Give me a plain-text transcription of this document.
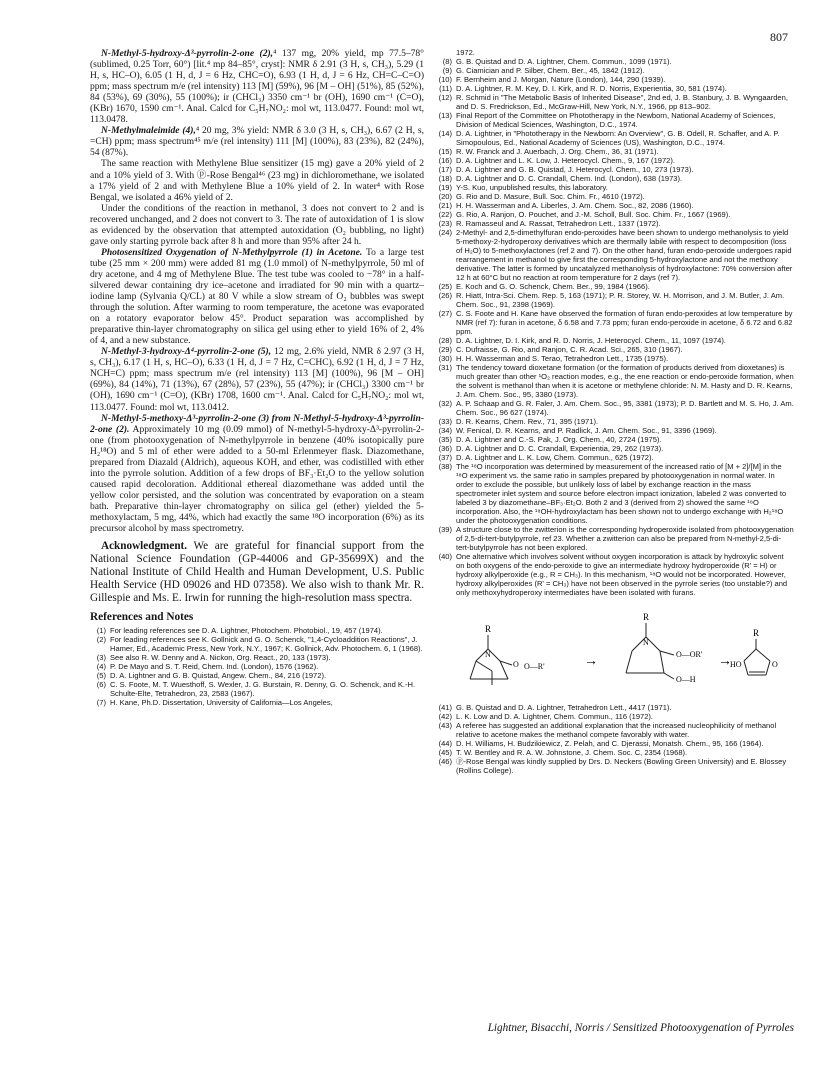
807

N-Methyl-5-hydroxy-Δ³-pyrrolin-2-one (2),⁴ 137 mg, 20% yield, mp 77.5–78° (sublimed, 0.25 Torr, 60°) [lit.⁴ mp 84–85°, cryst]: NMR δ 2.91 (3 H, s, CH₃), 5.29 (1 H, s, HC–O), 6.05 (1 H, d, J = 6 Hz, CHC=O), 6.93 (1 H, d, J = 6 Hz, CH=C–C=O) ppm; mass spectrum m/e (rel intensity) 113 [M] (59%), 96 [M – OH] (51%), 85 (52%), 84 (53%), 69 (30%), 55 (100%); ir (CHCl₃) 3350 cm⁻¹ br (OH), 1690 cm⁻¹ (C=O), (KBr) 1670, 1590 cm⁻¹. Anal. Calcd for C₅H₇NO₂: mol wt, 113.0477. Found: mol wt, 113.0478.

N-Methylmaleimide (4),⁴ 20 mg, 3% yield: NMR δ 3.0 (3 H, s, CH₃), 6.67 (2 H, s, =CH) ppm; mass spectrum⁴⁵ m/e (rel intensity) 111 [M] (100%), 83 (23%), 82 (24%), 54 (87%).

The same reaction with Methylene Blue sensitizer (15 mg) gave a 20% yield of 2 and a 10% yield of 3. With ⓟ-Rose Bengal⁴⁶ (23 mg) in dichloromethane, we isolated a 17% yield of 2 and with Methylene Blue a 10% yield of 2. In water⁴ with Rose Bengal, we isolated a 46% yield of 2.

Under the conditions of the reaction in methanol, 3 does not convert to 2 and is recovered unchanged, and 2 does not convert to 3. The rate of autoxidation of 1 is slow as evidenced by the observation that attempted autoxidation (O₂ bubbling, no light) gave only starting pyrrole back after 8 h and more than 95% after 24 h.

Photosensitized Oxygenation of N-Methylpyrrole (1) in Acetone. To a large test tube (25 mm × 200 mm) were added 81 mg (1.0 mmol) of N-methylpyrrole, 50 ml of dry acetone, and 4 mg of Methylene Blue. The test tube was cooled to −78° in a half-silvered dewar containing dry ice–acetone and irradiated for 90 min with a quartz–iodine lamp (Sylvania Q/CL) at 80 V while a slow stream of O₂ bubbles was swept through the solution. After warming to room temperature, the acetone was evaporated on a rotatory evaporator below 45°. Product separation was accomplished by preparative thin-layer chromatography on silica gel using ether to yield 16% of 2, 4% of 4, and a new substance.

N-Methyl-3-hydroxy-Δ⁴-pyrrolin-2-one (5), 12 mg, 2.6% yield, NMR δ 2.97 (3 H, s, CH₃), 6.17 (1 H, s, HC–O), 6.33 (1 H, d, J = 7 Hz, C=CHC), 6.92 (1 H, d, J = 7 Hz, NCH=C) ppm; mass spectrum m/e (rel intensity) 113 [M] (100%), 96 [M – OH] (69%), 84 (14%), 71 (13%), 67 (28%), 57 (23%), 55 (47%); ir (CHCl₃) 3300 cm⁻¹ br (OH), 1690 cm⁻¹ (C=O), (KBr) 1708, 1600 cm⁻¹. Anal. Calcd for C₅H₇NO₂: mol wt, 113.0477. Found: mol wt, 113.0412.

N-Methyl-5-methoxy-Δ³-pyrrolin-2-one (3) from N-Methyl-5-hydroxy-Δ³-pyrrolin-2-one (2). Approximately 10 mg (0.09 mmol) of N-methyl-5-hydroxy-Δ³-pyrrolin-2-one (from photooxygenation of N-methylpyrrole in benzene (40% isotopically pure H₂¹⁸O) and 5 ml of ether were added to a 50-ml Erlenmeyer flask. Diazomethane, prepared from Diazald (Aldrich), aqueous KOH, and ether, was codistilled with ether into the pyrrole solution. Addition of a few drops of BF₃·Et₂O to the yellow solution caused rapid decoloration. Additional ethereal diazomethane was added until the yellow color persisted, and the solution was concentrated by evaporation on a steam bath. Preparative thin-layer chromatography on silica gel (ether) yielded the 5-methoxylactam, 5 mg, 44%, which had exactly the same ¹⁸O incorporation (6%) as its precursor alcohol by mass spectrometry.

Acknowledgment. We are grateful for financial support from the National Science Foundation (GP-44006 and GP-35699X) and the National Institute of Child Health and Human Development, U.S. Public Health Service (HD 09026 and HD 07358). We also wish to thank Mr. R. Gillespie and Ms. E. Irwin for running the high-resolution mass spectra.

References and Notes
(1) For leading references see D. A. Lightner, Photochem. Photobiol., 19, 457 (1974).
(2) For leading references see K. Gollnick and G. O. Schenck, "1,4-Cycloaddition Reactions", J. Hamer, Ed., Academic Press, New York, N.Y., 1967; K. Gollnick, Adv. Photochem. 6, 1 (1968).
(3) See also R. W. Denny and A. Nickon, Org. React., 20, 133 (1973).
(4) P. De Mayo and S. T. Reid, Chem. Ind. (London), 1576 (1962).
(5) D. A. Lightner and G. B. Quistad, Angew. Chem., 84, 216 (1972).
(6) C. S. Foote, M. T. Wuesthoff, S. Wexler, J. G. Burstain, R. Denny, G. O. Schenck, and K.-H. Schulte-Elte, Tetrahedron, 23, 2583 (1967).
(7) H. Kane, Ph.D. Dissertation, University of California—Los Angeles,
1972.
(8) G. B. Quistad and D. A. Lightner, Chem. Commun., 1099 (1971).
(9) G. Ciamician and P. Silber, Chem. Ber., 45, 1842 (1912).
(10) F. Bernheim and J. Morgan, Nature (London), 144, 290 (1939).
(11) D. A. Lightner, R. M. Key, D. I. Kirk, and R. D. Norris, Experientia, 30, 581 (1974).
(12) R. Schmid in "The Metabolic Basis of Inherited Disease", 2nd ed, J. B. Stanbury, J. B. Wyngaarden, and D. S. Fredrickson, Ed., McGraw-Hill, New York, N.Y., 1966, pp 813–902.
(13) Final Report of the Committee on Phototherapy in the Newborn, National Academy of Sciences, Division of Medical Sciences, Washington, D.C., 1974.
(14) D. A. Lightner, in "Phototherapy in the Newborn: An Overview", G. B. Odell, R. Schaffer, and A. P. Simopoulous, Ed., National Academy of Sciences (US), Washington, D.C., 1974.
(15) R. W. Franck and J. Auerbach, J. Org. Chem., 36, 31 (1971).
(16) D. A. Lightner and L. K. Low, J. Heterocycl. Chem., 9, 167 (1972).
(17) D. A. Lightner and G. B. Quistad, J. Heterocycl. Chem., 10, 273 (1973).
(18) D. A. Lightner and D. C. Crandall, Chem. Ind. (London), 638 (1973).
(19) Y-S. Kuo, unpublished results, this laboratory.
(20) G. Rio and D. Masure, Bull. Soc. Chim. Fr., 4610 (1972).
(21) H. H. Wasserman and A. Liberles, J. Am. Chem. Soc., 82, 2086 (1960).
(22) G. Rio, A. Ranjon, O. Pouchet, and J.-M. Scholl, Bull. Soc. Chim. Fr., 1667 (1969).
(23) R. Ramasseul and A. Rassat, Tetrahedron Lett., 1337 (1972).
(24) 2-Methyl- and 2,5-dimethylfuran endo-peroxides have been shown to undergo methanolysis to yield 5-methoxy-2-hydroperoxy derivatives which are thermally labile with respect to decomposition (loss of H₂O) to 5-methoxylactones (ref 2 and 7). On the other hand, furan endo-peroxide undergoes rapid rearrangement in methanol to give first the corresponding 5-hydroxylactone and not the methoxy derivative. The latter is formed by uncatalyzed methanolysis of hydroxylactone: 70% conversion after 12 h at 60°C but no reaction at room temperature for 2 days (ref 7).
(25) E. Koch and G. O. Schenck, Chem. Ber., 99, 1984 (1966).
(26) R. Hiatt, Intra-Sci. Chem. Rep. 5, 163 (1971); P. R. Storey, W. H. Morrison, and J. M. Butler, J. Am. Chem. Soc., 91, 2398 (1969).
(27) C. S. Foote and H. Kane have observed the formation of furan endo-peroxides at low temperature by NMR (ref 7): furan in acetone, δ 6.58 and 7.73 ppm; furan endo-peroxide in acetone, δ 6.72 and 6.82 ppm.
(28) D. A. Lightner, D. I. Kirk, and R. D. Norris, J. Heterocycl. Chem., 11, 1097 (1974).
(29) C. Dufraisse, G. Rio, and Ranjon, C. R. Acad. Sci., 265, 310 (1967).
(30) H. H. Wasserman and S. Terao, Tetrahedron Lett., 1735 (1975).
(31) The tendency toward dioxetane formation (or the formation of products derived from dioxetanes) is much greater than other ¹O₂ reaction modes, e.g., the ene reaction or endo-peroxide formation, when the solvent is methanol than when it is acetone or methylene chloride: N. M. Hasty and D. R. Kearns, J. Am. Chem. Soc., 95, 3380 (1973).
(32) A. P. Schaap and G. R. Faler, J. Am. Chem. Soc., 95, 3381 (1973); P. D. Bartlett and M. S. Ho, J. Am. Chem. Soc., 96 627 (1974).
(33) D. R. Kearns, Chem. Rev., 71, 395 (1971).
(34) W. Fenical, D. R. Kearns, and P. Radlick, J. Am. Chem. Soc., 91, 3396 (1969).
(35) D. A. Lightner and C.-S. Pak, J. Org. Chem., 40, 2724 (1975).
(36) D. A. Lightner and D. C. Crandall, Experientia, 29, 262 (1973).
(37) D. A. Lightner and L. K. Low, Chem. Commun., 625 (1972).
(38) The ¹⁸O incorporation was determined by measurement of the increased ratio of [M + 2]/[M] in the ¹⁸O experiment vs. the same ratio in samples prepared by photooxygenation in normal water. In order to exclude the possible, but unlikely loss of label by exchange reaction in the mass spectrometer inlet system and source before electron impact ionization, labeled 2 was converted to labeled 3 by diazomethane–BF₃·Et₂O. Both 2 and 3 (derived from 2) showed the same ¹⁸O incorporation. Also, the ¹⁸OH-hydroxylactam has been shown not to undergo exchange with H₂¹⁸O under the photooxygenation conditions.
(39) A structure close to the zwitterion is the corresponding hydroperoxide isolated from photooxygenation of 2,5-di-tert-butylpyrrole, ref 23. Whether a zwitterion can also be prepared from N-methyl-2,5-di-tert-butylpyrrole has not been explored.
(40) One alternative which involves solvent without oxygen incorporation is attack by hydroxylic solvent on both oxygens of the endo-peroxide to give an intermediate hydroxy hydroperoxide (R' = H) or hydroxy alkylperoxide (e.g., R = CH₃). In this mechanism, ¹⁸O would not be incorporated. However, hydroxy alkylperoxides (R' = CH₃) have not been observed in the pyrrole series (too unstable?) and only methoxyhydroperoxy intermediates have been isolated with furans.
R
N
O O—R'	→
R
N
O—OR'
O—H
→
R
HO	O
(41) G. B. Quistad and D. A. Lightner, Tetrahedron Lett., 4417 (1971).
(42) L. K. Low and D. A. Lightner, Chem. Commun., 116 (1972).
(43) A referee has suggested an additional explanation that the increased nucleophilicity of methanol relative to acetone makes the methanol compete favorably with water.
(44) D. H. Williams, H. Budzikiewicz, Z. Pelah, and C. Djerassi, Monatsh. Chem., 95, 166 (1964).
(45) T. W. Bentley and R. A. W. Johnstone, J. Chem. Soc. C, 2354 (1968).
(46) ⓟ-Rose Bengal was kindly supplied by Drs. D. Neckers (Bowling Green University) and E. Blossey (Rollins College).
Lightner, Bisacchi, Norris / Sensitized Photooxygenation of Pyrroles
